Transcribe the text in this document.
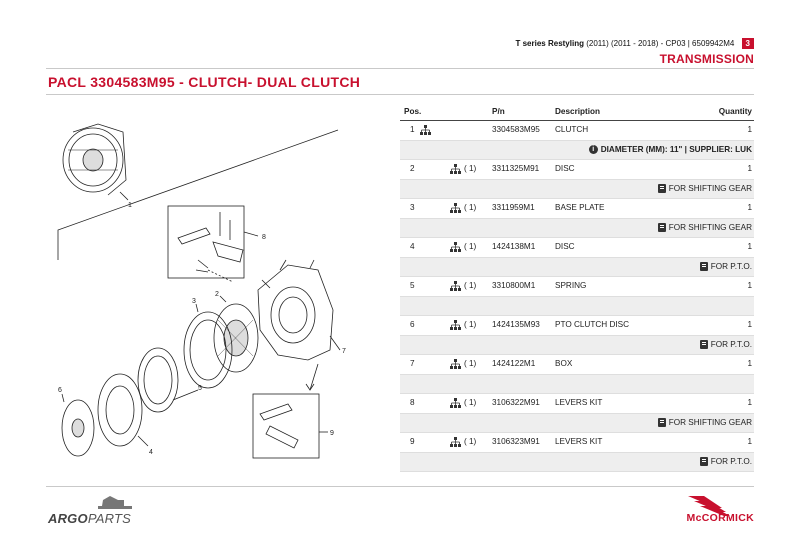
T series Restyling (2011) (2011 - 2018) - CP03 | 6509942M4 3
TRANSMISSION
PACL 3304583M95 - CLUTCH- DUAL CLUTCH
1
8
2
3
7
5
6
4
9
Pos.	P/n	Description	Quantity
1	3304583M95 CLUTCH	1
i DIAMETER (MM): 11" | SUPPLIER: LUK
2	( 1) 3311325M91 DISC	1
FOR SHIFTING GEAR
3	( 1) 3311959M1 BASE PLATE	1
FOR SHIFTING GEAR
4	( 1) 1424138M1 DISC	1
FOR P.T.O.
5	( 1) 3310800M1 SPRING	1
6	( 1) 1424135M93 PTO CLUTCH DISC	1
FOR P.T.O.
7	( 1) 1424122M1 BOX	1
8	( 1) 3106322M91 LEVERS KIT	1
FOR SHIFTING GEAR
9	( 1) 3106323M91 LEVERS KIT	1
FOR P.T.O.
ARGOPARTS	McCORMICK
